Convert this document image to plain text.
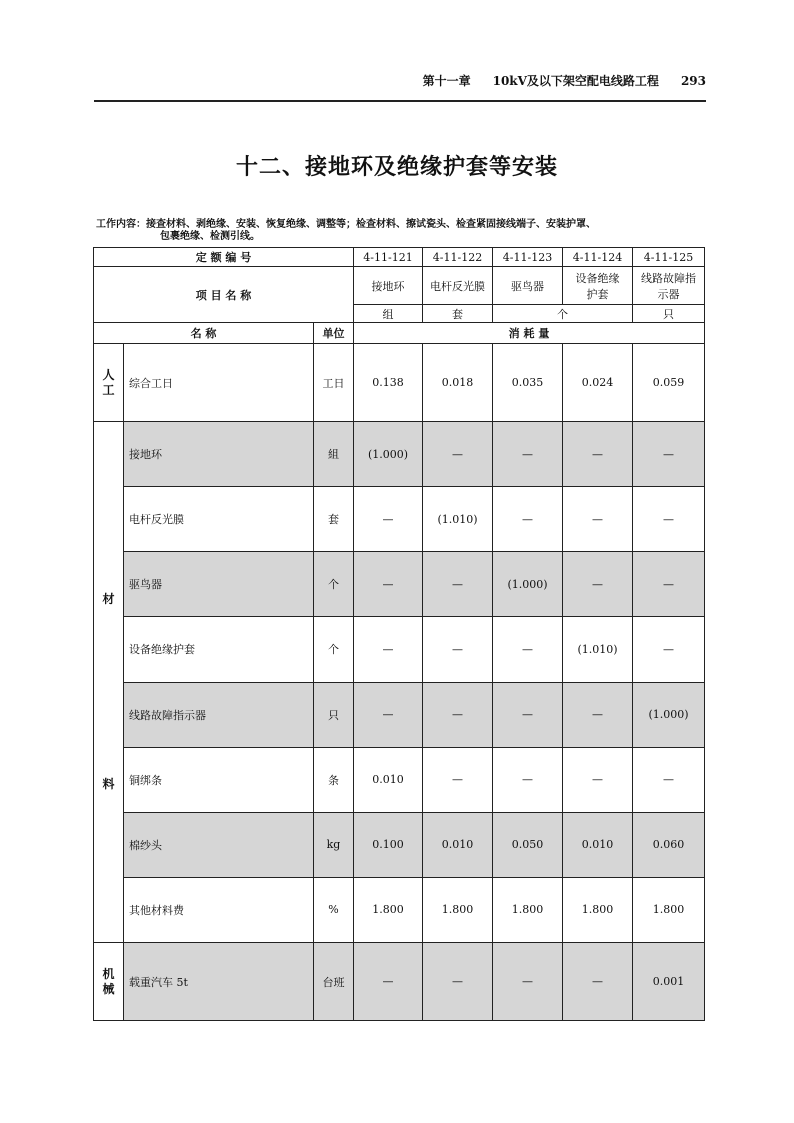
第十一章 10kV及以下架空配电线路工程 293
十二、接地环及绝缘护套等安装
工作内容：接查材料、剥绝缘、安装、恢复绝缘、调整等；检查材料、擦试瓷头、检查紧固接线端子、安装护罩、
包裹绝缘、检测引线。
定 额 编 号			4-11-121	4-11-122	4-11-123	4-11-124	4-11-125
项 目 名 称			接地环	电杆反光膜	驱鸟器	设备绝缘护套	线路故障指示器
			组	套	个		只
名 称		单位	消 耗 量				

人工	综合工日	工日	0.138	0.018	0.035	0.024	0.059

材
料	接地环	組	(1.000)	—	—	—	—
	电杆反光膜	套	—	(1.010)	—	—	—
	驱鸟器	个	—	—	(1.000)	—	—
	设备绝缘护套	个	—	—	—	(1.010)	—
	线路故障指示器	只	—	—	—	—	(1.000)
	铜绑条	条	0.010	—	—	—	—
	棉纱头	kg	0.100	0.010	0.050	0.010	0.060
	其他材料费	%	1.800	1.800	1.800	1.800	1.800

机械	载重汽车 5t	台班	—	—	—	—	0.001
